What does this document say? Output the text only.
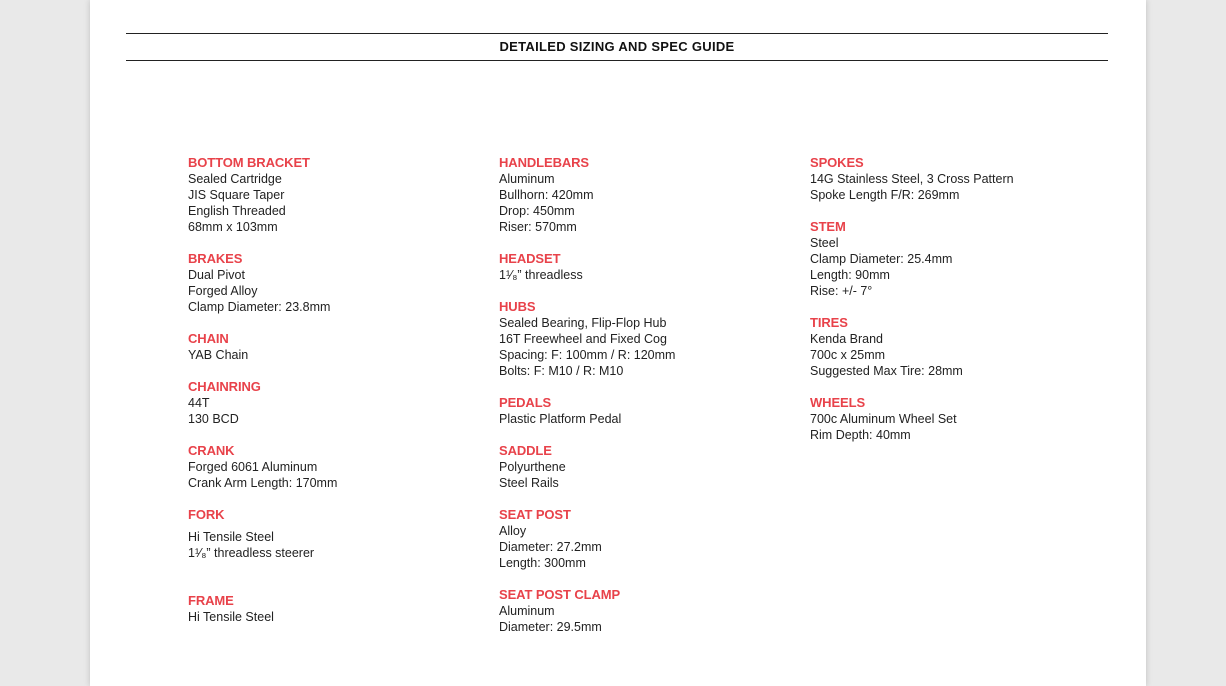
DETAILED SIZING AND SPEC GUIDE
BOTTOM BRACKET
Sealed Cartridge
JIS Square Taper
English Threaded
68mm x 103mm
BRAKES
Dual Pivot
Forged Alloy
Clamp Diameter: 23.8mm
CHAIN
YAB Chain
CHAINRING
44T
130 BCD
CRANK
Forged 6061 Aluminum
Crank Arm Length: 170mm
FORK
Hi Tensile Steel
1¹⁄₈” threadless steerer
FRAME
Hi Tensile Steel
HANDLEBARS
Aluminum
Bullhorn: 420mm
Drop: 450mm
Riser: 570mm
HEADSET
1¹⁄₈” threadless
HUBS
Sealed Bearing, Flip-Flop Hub
16T Freewheel and Fixed Cog
Spacing: F: 100mm / R: 120mm
Bolts: F: M10 / R: M10
PEDALS
Plastic Platform Pedal
SADDLE
Polyurthene
Steel Rails
SEAT POST
Alloy
Diameter: 27.2mm
Length: 300mm
SEAT POST CLAMP
Aluminum
Diameter: 29.5mm
SPOKES
14G Stainless Steel, 3 Cross Pattern
Spoke Length F/R: 269mm
STEM
Steel
Clamp Diameter: 25.4mm
Length: 90mm
Rise: +/- 7°
TIRES
Kenda Brand
700c x 25mm
Suggested Max Tire: 28mm
WHEELS
700c Aluminum Wheel Set
Rim Depth: 40mm
